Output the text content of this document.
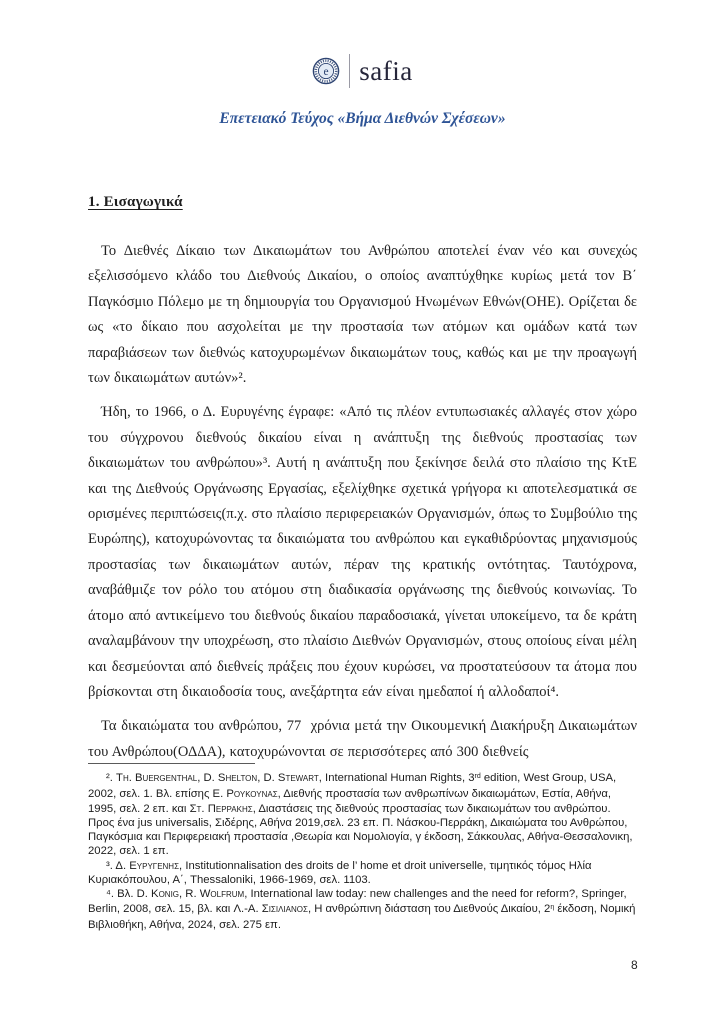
e safia
Επετειακό Τεύχος «Βήμα Διεθνών Σχέσεων»
1. Εισαγωγικά

Το Διεθνές Δίκαιο των Δικαιωμάτων του Ανθρώπου αποτελεί έναν νέο και συνεχώς εξελισσόμενο κλάδο του Διεθνούς Δικαίου, ο οποίος αναπτύχθηκε κυρίως μετά τον Β΄ Παγκόσμιο Πόλεμο με τη δημιουργία του Οργανισμού Ηνωμένων Εθνών(ΟΗΕ). Ορίζεται δε ως «το δίκαιο που ασχολείται με την προστασία των ατόμων και ομάδων κατά των παραβιάσεων των διεθνώς κατοχυρωμένων δικαιωμάτων τους, καθώς και με την προαγωγή των δικαιωμάτων αυτών»².

Ήδη, το 1966, ο Δ. Ευρυγένης έγραφε: «Από τις πλέον εντυπωσιακές αλλαγές στον χώρο του σύγχρονου διεθνούς δικαίου είναι η ανάπτυξη της διεθνούς προστασίας των δικαιωμάτων του ανθρώπου»³. Αυτή η ανάπτυξη που ξεκίνησε δειλά στο πλαίσιο της ΚτΕ και της Διεθνούς Οργάνωσης Εργασίας, εξελίχθηκε σχετικά γρήγορα κι αποτελεσματικά σε ορισμένες περιπτώσεις(π.χ. στο πλαίσιο περιφερειακών Οργανισμών, όπως το Συμβούλιο της Ευρώπης), κατοχυρώνοντας τα δικαιώματα του ανθρώπου και εγκαθιδρύοντας μηχανισμούς προστασίας των δικαιωμάτων αυτών, πέραν της κρατικής οντότητας. Ταυτόχρονα, αναβάθμιζε τον ρόλο του ατόμου στη διαδικασία οργάνωσης της διεθνούς κοινωνίας. Το άτομο από αντικείμενο του διεθνούς δικαίου παραδοσιακά, γίνεται υποκείμενο, τα δε κράτη αναλαμβάνουν την υποχρέωση, στο πλαίσιο Διεθνών Οργανισμών, στους οποίους είναι μέλη και δεσμεύονται από διεθνείς πράξεις που έχουν κυρώσει, να προστατεύσουν τα άτομα που βρίσκονται στη δικαιοδοσία τους, ανεξάρτητα εάν είναι ημεδαποί ή αλλοδαποί⁴.

Τα δικαιώματα του ανθρώπου, 77  χρόνια μετά την Οικουμενική Διακήρυξη Δικαιωμάτων του Ανθρώπου(ΟΔΔΑ), κατοχυρώνονται σε περισσότερες από 300 διεθνείς

². Th. Buergenthal, D. Shelton, D. Stewart, International Human Rights, 3rd edition, West Group, USA, 2002, σελ. 1. Βλ. επίσης Ε. Ρουκουνας, Διεθνής προστασία των ανθρωπίνων δικαιωμάτων, Εστία, Αθήνα, 1995, σελ. 2 επ. και Στ. Περρακης, Διαστάσεις της διεθνούς προστασίας των δικαιωμάτων του ανθρώπου. Προς ένα jus universalis, Σιδέρης, Αθήνα 2019,σελ. 23 επ. Π. Νάσκου-Περράκη, Δικαιώματα του Ανθρώπου, Παγκόσμια και Περιφερειακή προστασία ,Θεωρία και Νομολιογία, γ έκδοση, Σάκκουλας, Αθήνα-Θεσσαλονικη, 2022, σελ. 1 επ.

³. Δ. Ευρυγενης, Institutionnalisation des droits de l’ home et droit universelle, τιμητικός τόμος Ηλία Κυριακόπουλου, Α΄, Thessaloniki, 1966-1969, σελ. 1103.

⁴. Βλ. D. Konig, R. Wolfrum, International law today: new challenges and the need for reform?, Springer, Berlin, 2008, σελ. 15, βλ. και Λ.-Α. Σισιλιανος, Η ανθρώπινη διάσταση του Διεθνούς Δικαίου, $2^\eta$ έκδοση, Νομική Βιβλιοθήκη, Αθήνα, 2024, σελ. 275 επ.

8
